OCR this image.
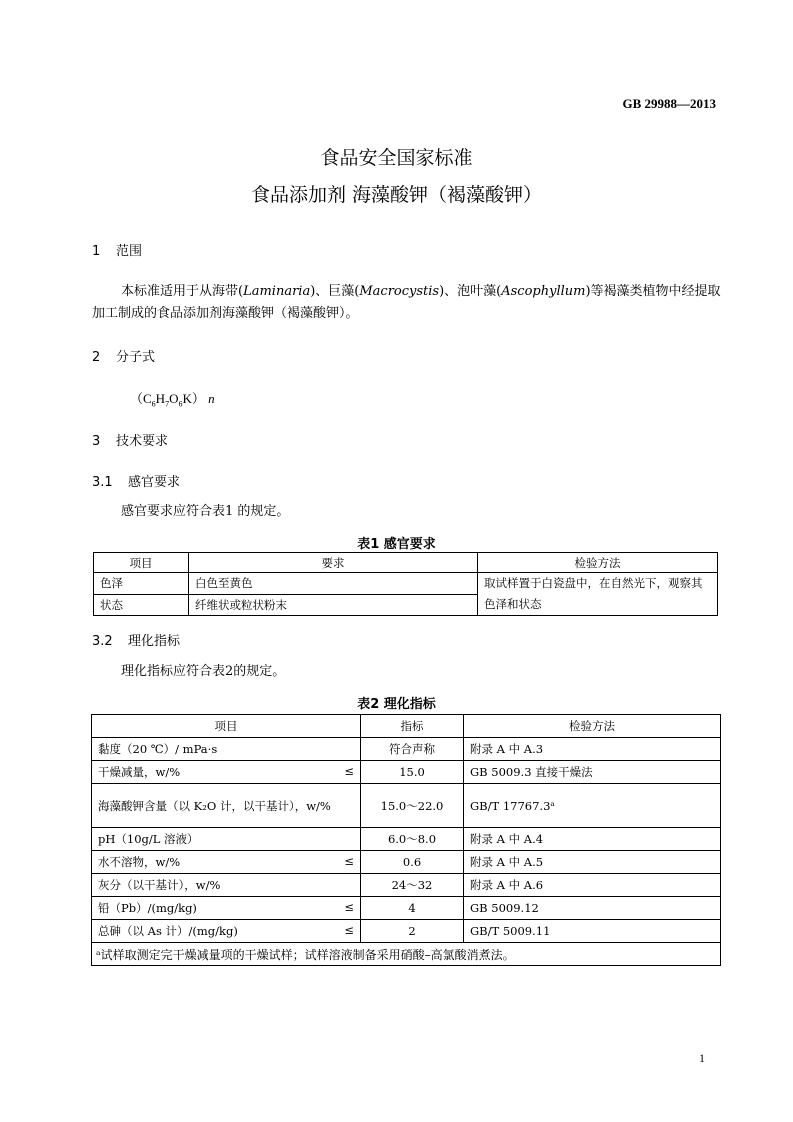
GB 29988—2013
食品安全国家标准
食品添加剂 海藻酸钾（褐藻酸钾）
1 范围
本标准适用于从海带(Laminaria)、巨藻(Macrocystis)、泡叶藻(Ascophyllum)等褐藻类植物中经提取加工制成的食品添加剂海藻酸钾（褐藻酸钾）。
2 分子式
$(C_6H_7O_6K)$ n
3 技术要求
3.1 感官要求
感官要求应符合表1 的规定。
表1 感官要求
项目	要求	检验方法
色泽	白色至黄色	取试样置于白瓷盘中，在自然光下，观察其色泽和状态
状态	纤维状或粒状粉末	
3.2 理化指标
理化指标应符合表2的规定。
表2 理化指标
项目	指标	检验方法
黏度（20 ℃）/ mPa·s	符合声称	附录 A 中 A.3
干燥减量，w/% ≤	15.0	GB 5009.3 直接干燥法
海藻酸钾含量（以 K₂O 计，以干基计），w/%	15.0～22.0	GB/T 17767.3ᵃ
pH（10g/L 溶液）	6.0～8.0	附录 A 中 A.4
水不溶物，w/% ≤	0.6	附录 A 中 A.5
灰分（以干基计），w/%	24～32	附录 A 中 A.6
铅（Pb）/(mg/kg) ≤	4	GB 5009.12
总砷（以 As 计）/(mg/kg) ≤	2	GB/T 5009.11
ᵃ试样取测定完干燥减量项的干燥试样；试样溶液制备采用硝酸–高氯酸消煮法。		
1
